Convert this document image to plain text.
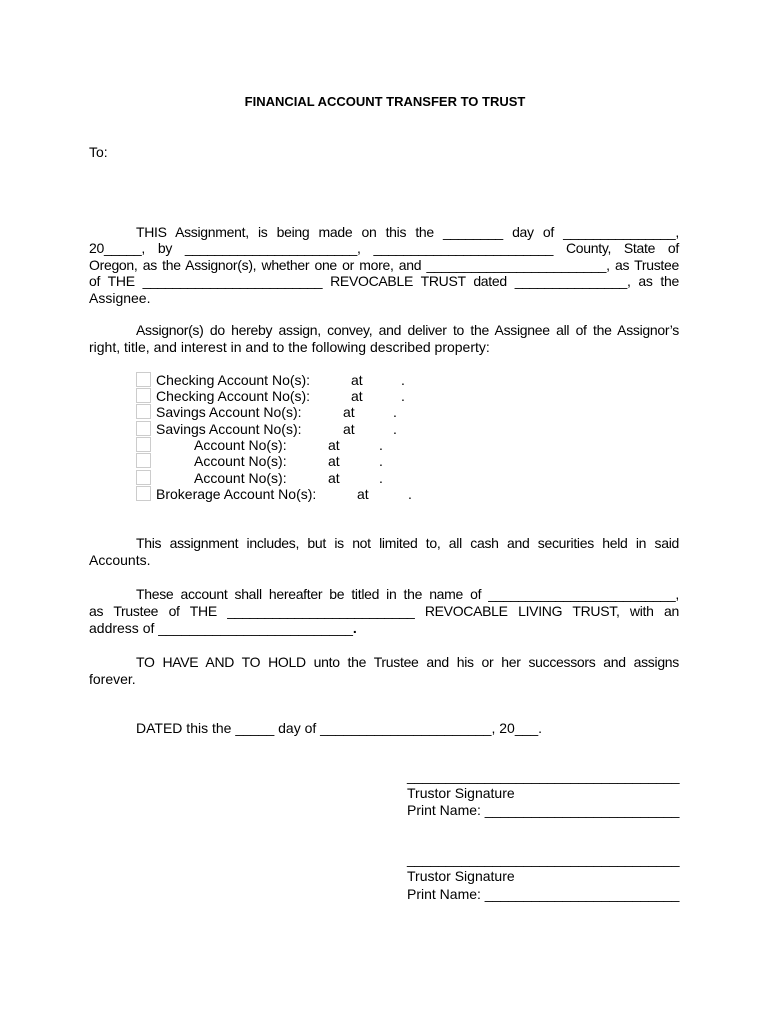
FINANCIAL ACCOUNT TRANSFER TO TRUST
To:
THIS Assignment, is being made on this the ________ day of _______________,
20_____, by _______________________, ________________________ County, State of
Oregon, as the Assignor(s), whether one or more, and ________________________, as Trustee
of THE ________________________ REVOCABLE TRUST dated _______________, as the
Assignee.
Assignor(s) do hereby assign, convey, and deliver to the Assignee all of the Assignor’s
right, title, and interest in and to the following described property:
Checking Account No(s):	at	.
Checking Account No(s):	at	.
Savings Account No(s):	at	.
Savings Account No(s):	at	.
Account No(s):	at	.
Account No(s):	at	.
Account No(s):	at	.
Brokerage Account No(s):	at	.
This assignment includes, but is not limited to, all cash and securities held in said
Accounts.
These account shall hereafter be titled in the name of _________________________,
as Trustee of THE _________________________ REVOCABLE LIVING TRUST, with an
address of _________________________.
TO HAVE AND TO HOLD unto the Trustee and his or her successors and assigns
forever.
DATED this the _____ day of ______________________, 20___.
___________________________________
Trustor Signature
Print Name: _________________________
___________________________________
Trustor Signature
Print Name: _________________________
